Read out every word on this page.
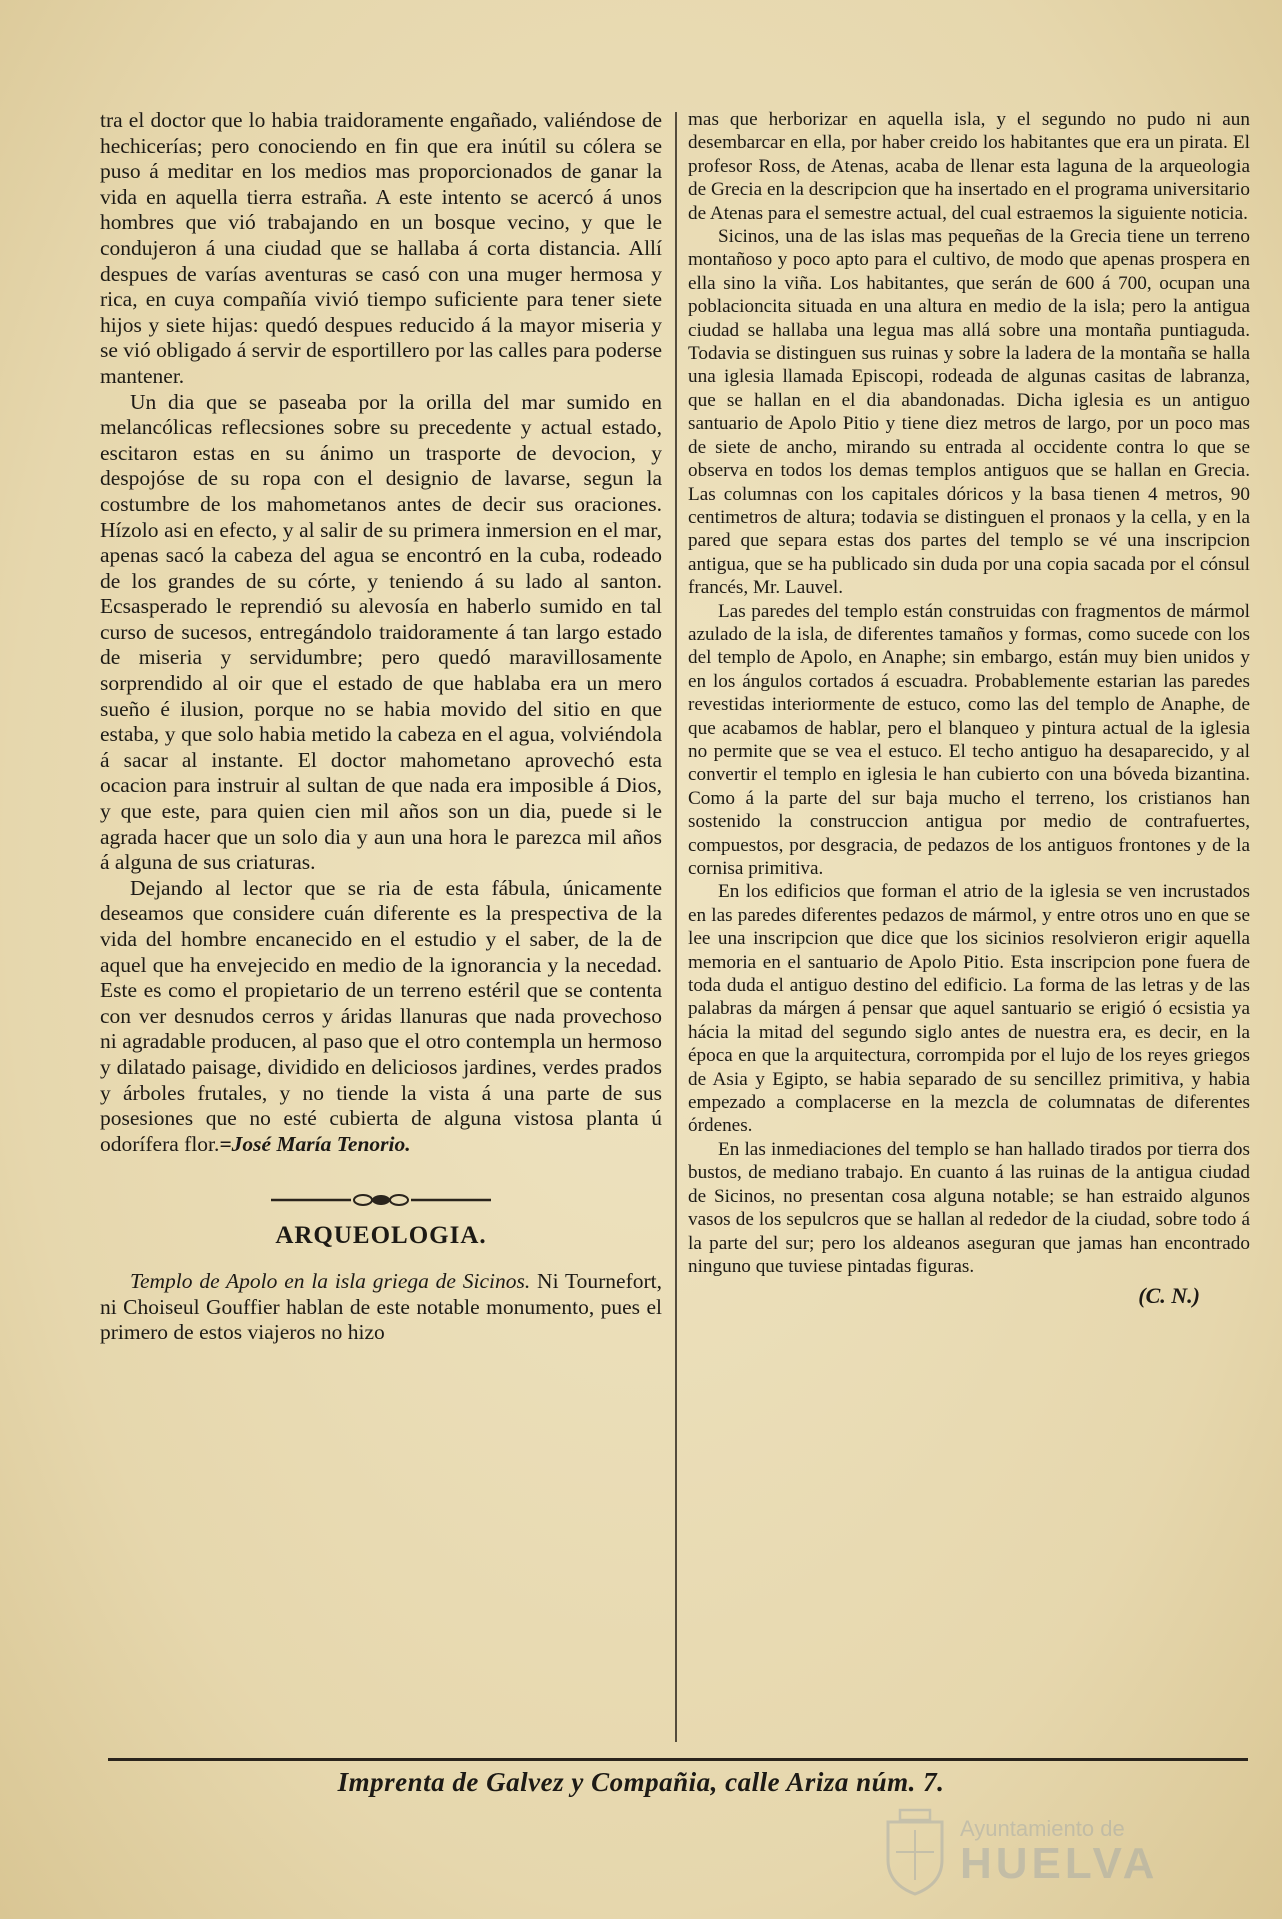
tra el doctor que lo habia traidoramente engañado, valiéndose de hechicerías; pero conociendo en fin que era inútil su cólera se puso á meditar en los medios mas proporcionados de ganar la vida en aquella tierra estraña. A este intento se acercó á unos hombres que vió trabajando en un bosque vecino, y que le condujeron á una ciudad que se hallaba á corta distancia. Allí despues de varías aventuras se casó con una muger hermosa y rica, en cuya compañía vivió tiempo suficiente para tener siete hijos y siete hijas: quedó despues reducido á la mayor miseria y se vió obligado á servir de esportillero por las calles para poderse mantener.

Un dia que se paseaba por la orilla del mar sumido en melancólicas reflecsiones sobre su precedente y actual estado, escitaron estas en su ánimo un trasporte de devocion, y despojóse de su ropa con el designio de lavarse, segun la costumbre de los mahometanos antes de decir sus oraciones. Hízolo asi en efecto, y al salir de su primera inmersion en el mar, apenas sacó la cabeza del agua se encontró en la cuba, rodeado de los grandes de su córte, y teniendo á su lado al santon. Ecsasperado le reprendió su alevosía en haberlo sumido en tal curso de sucesos, entregándolo traidoramente á tan largo estado de miseria y servidumbre; pero quedó maravillosamente sorprendido al oir que el estado de que hablaba era un mero sueño é ilusion, porque no se habia movido del sitio en que estaba, y que solo habia metido la cabeza en el agua, volviéndola á sacar al instante. El doctor mahometano aprovechó esta ocacion para instruir al sultan de que nada era imposible á Dios, y que este, para quien cien mil años son un dia, puede si le agrada hacer que un solo dia y aun una hora le parezca mil años á alguna de sus criaturas.

Dejando al lector que se ria de esta fábula, únicamente deseamos que considere cuán diferente es la prespectiva de la vida del hombre encanecido en el estudio y el saber, de la de aquel que ha envejecido en medio de la ignorancia y la necedad. Este es como el propietario de un terreno estéril que se contenta con ver desnudos cerros y áridas llanuras que nada provechoso ni agradable producen, al paso que el otro contempla un hermoso y dilatado paisage, dividido en deliciosos jardines, verdes prados y árboles frutales, y no tiende la vista á una parte de sus posesiones que no esté cubierta de alguna vistosa planta ú odorífera flor.=José María Tenorio.

ARQUEOLOGIA.

Templo de Apolo en la isla griega de Sicinos. Ni Tournefort, ni Choiseul Gouffier hablan de este notable monumento, pues el primero de estos viajeros no hizo

mas que herborizar en aquella isla, y el segundo no pudo ni aun desembarcar en ella, por haber creido los habitantes que era un pirata. El profesor Ross, de Atenas, acaba de llenar esta laguna de la arqueologia de Grecia en la descripcion que ha insertado en el programa universitario de Atenas para el semestre actual, del cual estraemos la siguiente noticia.

Sicinos, una de las islas mas pequeñas de la Grecia tiene un terreno montañoso y poco apto para el cultivo, de modo que apenas prospera en ella sino la viña. Los habitantes, que serán de 600 á 700, ocupan una poblacioncita situada en una altura en medio de la isla; pero la antigua ciudad se hallaba una legua mas allá sobre una montaña puntiaguda. Todavia se distinguen sus ruinas y sobre la ladera de la montaña se halla una iglesia llamada Episcopi, rodeada de algunas casitas de labranza, que se hallan en el dia abandonadas. Dicha iglesia es un antiguo santuario de Apolo Pitio y tiene diez metros de largo, por un poco mas de siete de ancho, mirando su entrada al occidente contra lo que se observa en todos los demas templos antiguos que se hallan en Grecia. Las columnas con los capitales dóricos y la basa tienen 4 metros, 90 centimetros de altura; todavia se distinguen el pronaos y la cella, y en la pared que separa estas dos partes del templo se vé una inscripcion antigua, que se ha publicado sin duda por una copia sacada por el cónsul francés, Mr. Lauvel.

Las paredes del templo están construidas con fragmentos de mármol azulado de la isla, de diferentes tamaños y formas, como sucede con los del templo de Apolo, en Anaphe; sin embargo, están muy bien unidos y en los ángulos cortados á escuadra. Probablemente estarian las paredes revestidas interiormente de estuco, como las del templo de Anaphe, de que acabamos de hablar, pero el blanqueo y pintura actual de la iglesia no permite que se vea el estuco. El techo antiguo ha desaparecido, y al convertir el templo en iglesia le han cubierto con una bóveda bizantina. Como á la parte del sur baja mucho el terreno, los cristianos han sostenido la construccion antigua por medio de contrafuertes, compuestos, por desgracia, de pedazos de los antiguos frontones y de la cornisa primitiva.

En los edificios que forman el atrio de la iglesia se ven incrustados en las paredes diferentes pedazos de mármol, y entre otros uno en que se lee una inscripcion que dice que los sicinios resolvieron erigir aquella memoria en el santuario de Apolo Pitio. Esta inscripcion pone fuera de toda duda el antiguo destino del edificio. La forma de las letras y de las palabras da márgen á pensar que aquel santuario se erigió ó ecsistia ya hácia la mitad del segundo siglo antes de nuestra era, es decir, en la época en que la arquitectura, corrompida por el lujo de los reyes griegos de Asia y Egipto, se habia separado de su sencillez primitiva, y habia empezado a complacerse en la mezcla de columnatas de diferentes órdenes.

En las inmediaciones del templo se han hallado tirados por tierra dos bustos, de mediano trabajo. En cuanto á las ruinas de la antigua ciudad de Sicinos, no presentan cosa alguna notable; se han estraido algunos vasos de los sepulcros que se hallan al rededor de la ciudad, sobre todo á la parte del sur; pero los aldeanos aseguran que jamas han encontrado ninguno que tuviese pintadas figuras.

(C. N.)
Imprenta de Galvez y Compañia, calle Ariza núm. 7.
Ayuntamiento de
HUELVA
